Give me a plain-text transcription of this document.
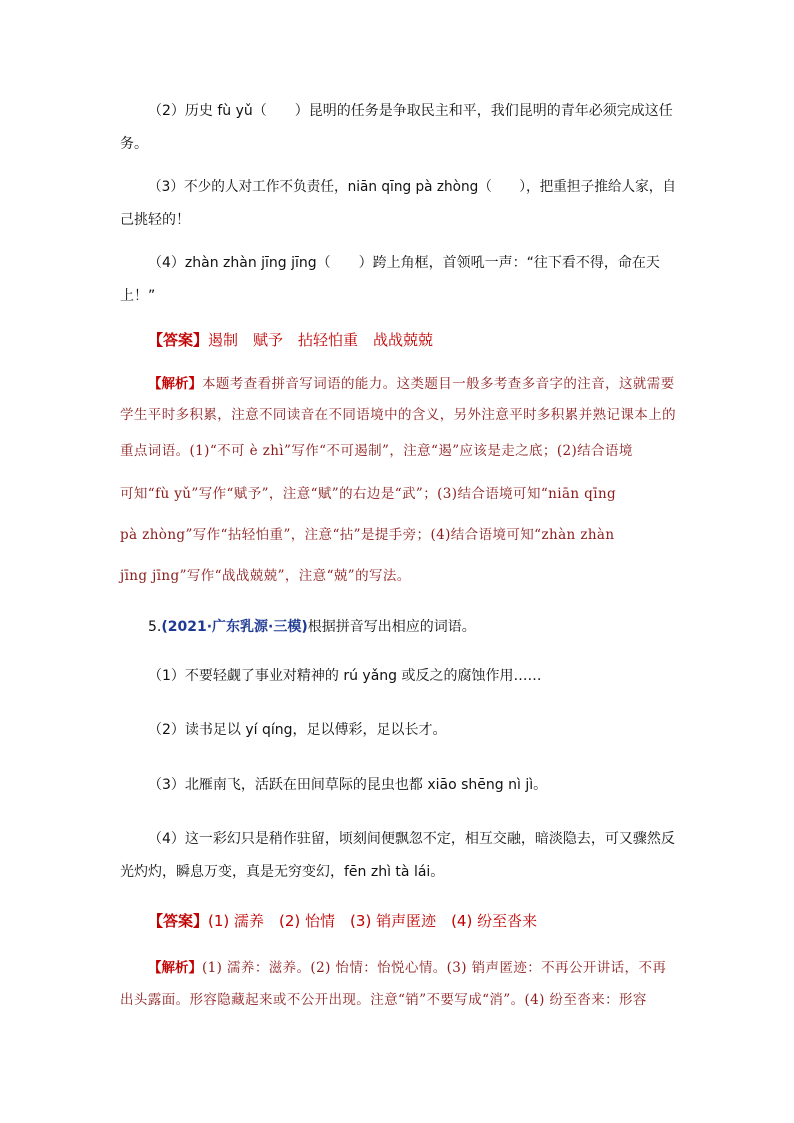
（2）历史 fù yǔ（　　）昆明的任务是争取民主和平，我们昆明的青年必须完成这任
务。
（3）不少的人对工作不负责任，niān qīng pà zhòng（　　），把重担子推给人家，自
己挑轻的！
（4）zhàn zhàn jīng jīng（　　）跨上角框，首领吼一声：“往下看不得，命在天
上！”
【答案】遏制　赋予　拈轻怕重　战战兢兢
【解析】本题考查看拼音写词语的能力。这类题目一般多考查多音字的注音，这就需要
学生平时多积累，注意不同读音在不同语境中的含义，另外注意平时多积累并熟记课本上的
重点词语。(1)“不可 è zhì”写作“不可遏制”，注意“遏”应该是走之底；(2)结合语境
可知“fù yǔ”写作“赋予”，注意“赋”的右边是“武”；(3)结合语境可知“niān qīng
pà zhòng”写作“拈轻怕重”，注意“拈”是提手旁；(4)结合语境可知“zhàn zhàn
jīng jīng”写作“战战兢兢”，注意“兢”的写法。
5.(2021·广东乳源·三模)根据拼音写出相应的词语。
（1）不要轻觑了事业对精神的 rú yǎng 或反之的腐蚀作用……
（2）读书足以 yí qíng，足以傅彩，足以长才。
（3）北雁南飞，活跃在田间草际的昆虫也都 xiāo shēng nì jì。
（4）这一彩幻只是稍作驻留，顷刻间便飘忽不定，相互交融，暗淡隐去，可又骤然反
光灼灼，瞬息万变，真是无穷变幻，fēn zhì tà lái。
【答案】(1) 濡养　(2) 怡情　(3) 销声匿迹　(4) 纷至沓来
【解析】(1) 濡养：滋养。(2) 怡情：怡悦心情。(3) 销声匿迹：不再公开讲话，不再
出头露面。形容隐藏起来或不公开出现。注意“销”不要写成“消”。(4) 纷至沓来：形容
